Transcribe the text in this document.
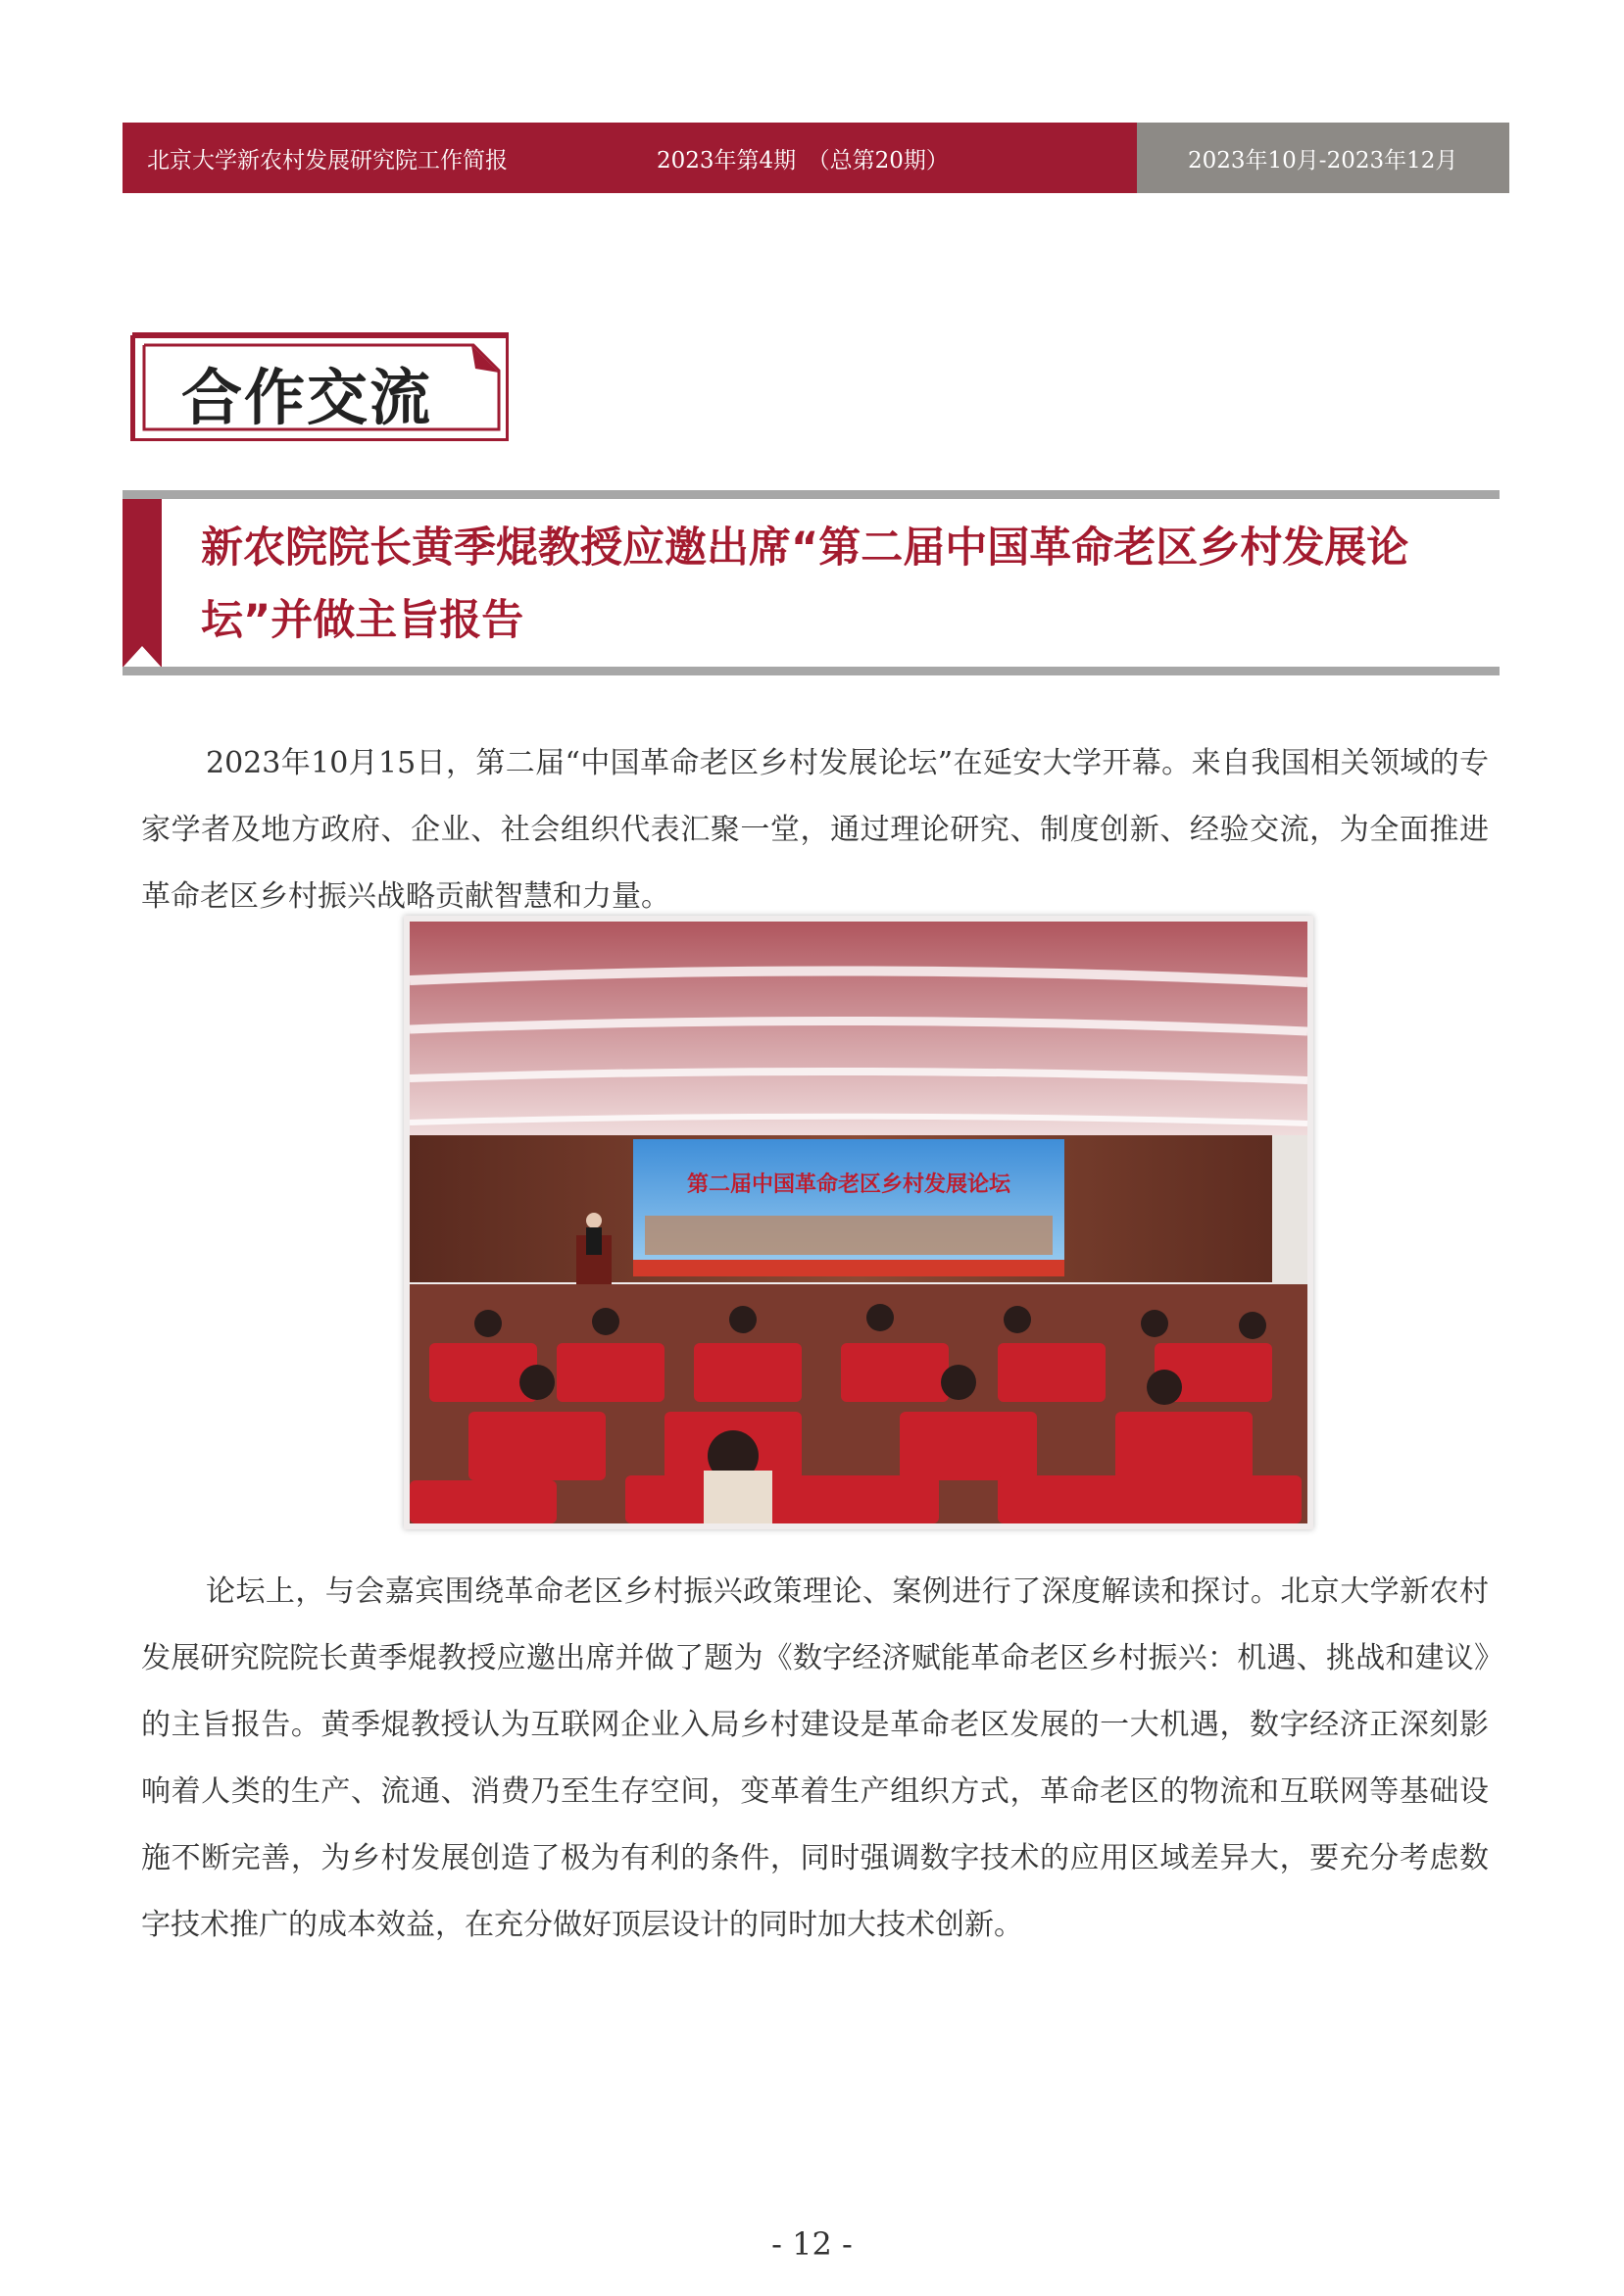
北京大学新农村发展研究院工作简报	2023年第4期　（总第20期）	2023年10月-2023年12月
合作交流
新农院院长黄季焜教授应邀出席“第二届中国革命老区乡村发展论坛”并做主旨报告

2023年10月15日，第二届“中国革命老区乡村发展论坛”在延安大学开幕。来自我国相关领域的专家学者及地方政府、企业、社会组织代表汇聚一堂，通过理论研究、制度创新、经验交流，为全面推进革命老区乡村振兴战略贡献智慧和力量。

第二届中国革命老区乡村发展论坛

论坛上，与会嘉宾围绕革命老区乡村振兴政策理论、案例进行了深度解读和探讨。北京大学新农村发展研究院院长黄季焜教授应邀出席并做了题为《数字经济赋能革命老区乡村振兴：机遇、挑战和建议》的主旨报告。黄季焜教授认为互联网企业入局乡村建设是革命老区发展的一大机遇，数字经济正深刻影响着人类的生产、流通、消费乃至生存空间，变革着生产组织方式，革命老区的物流和互联网等基础设施不断完善，为乡村发展创造了极为有利的条件，同时强调数字技术的应用区域差异大，要充分考虑数字技术推广的成本效益，在充分做好顶层设计的同时加大技术创新。

- 12 -
